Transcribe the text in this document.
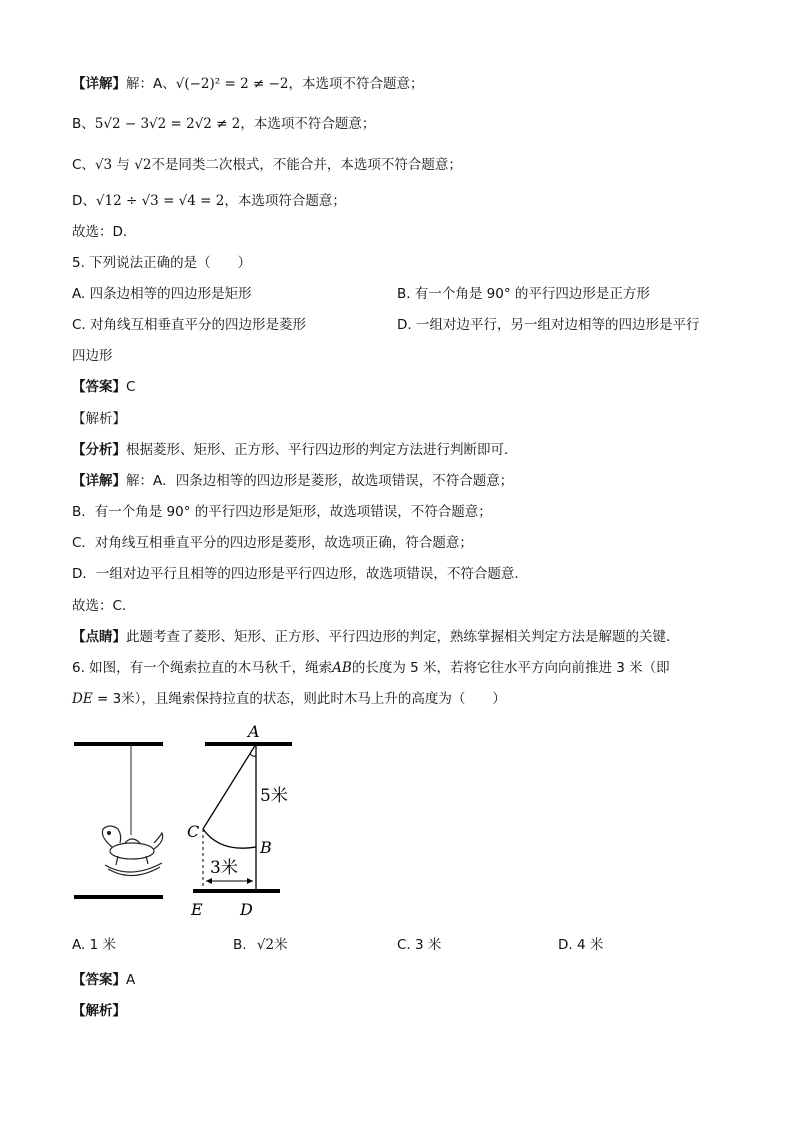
【详解】解：A、√(−2)² = 2 ≠ −2，本选项不符合题意；
B、5√2 − 3√2 = 2√2 ≠ 2，本选项不符合题意；
C、√3 与 √2不是同类二次根式，不能合并，本选项不符合题意；
D、√12 ÷ √3 = √4 = 2，本选项符合题意；
故选：D．
5. 下列说法正确的是（　　）
A. 四条边相等的四边形是矩形	B. 有一个角是 90° 的平行四边形是正方形
C. 对角线互相垂直平分的四边形是菱形	D. 一组对边平行，另一组对边相等的四边形是平行
四边形
【答案】C
【解析】
【分析】根据菱形、矩形、正方形、平行四边形的判定方法进行判断即可．
【详解】解：A．四条边相等的四边形是菱形，故选项错误，不符合题意；
B．有一个角是 90° 的平行四边形是矩形，故选项错误，不符合题意；
C．对角线互相垂直平分的四边形是菱形，故选项正确，符合题意；
D．一组对边平行且相等的四边形是平行四边形，故选项错误，不符合题意．
故选：C．
【点睛】此题考查了菱形、矩形、正方形、平行四边形的判定，熟练掌握相关判定方法是解题的关键．
6. 如图，有一个绳索拉直的木马秋千，绳索AB的长度为 5 米，若将它往水平方向向前推进 3 米（即
DE = 3米），且绳索保持拉直的状态，则此时木马上升的高度为（　　）
A
5米
C
B
3米
E D
A. 1 米	B. √2米	C. 3 米	D. 4 米
【答案】A
【解析】
